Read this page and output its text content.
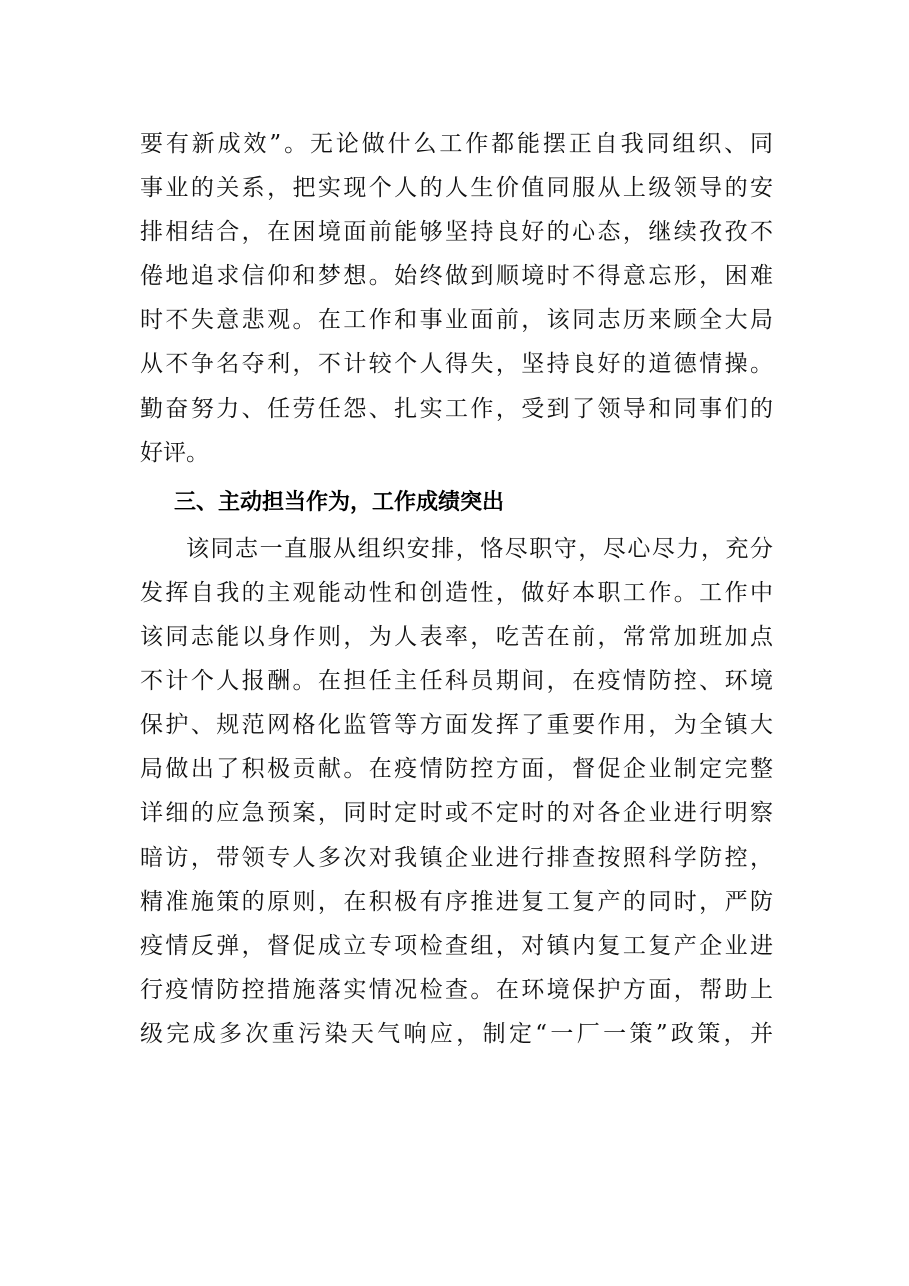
要有新成效”。无论做什么工作都能摆正自我同组织、同
事业的关系，把实现个人的人生价值同服从上级领导的安
排相结合，在困境面前能够坚持良好的心态，继续孜孜不
倦地追求信仰和梦想。始终做到顺境时不得意忘形，困难
时不失意悲观。在工作和事业面前，该同志历来顾全大局
从不争名夺利，不计较个人得失，坚持良好的道德情操。
勤奋努力、任劳任怨、扎实工作，受到了领导和同事们的
好评。
三、主动担当作为，工作成绩突出
该同志一直服从组织安排，恪尽职守，尽心尽力，充分
发挥自我的主观能动性和创造性，做好本职工作。工作中
该同志能以身作则，为人表率，吃苦在前，常常加班加点
不计个人报酬。在担任主任科员期间，在疫情防控、环境
保护、规范网格化监管等方面发挥了重要作用，为全镇大
局做出了积极贡献。在疫情防控方面，督促企业制定完整
详细的应急预案，同时定时或不定时的对各企业进行明察
暗访，带领专人多次对我镇企业进行排查按照科学防控，
精准施策的原则，在积极有序推进复工复产的同时，严防
疫情反弹，督促成立专项检查组，对镇内复工复产企业进
行疫情防控措施落实情况检查。在环境保护方面，帮助上
级完成多次重污染天气响应，制定“一厂一策”政策，并
